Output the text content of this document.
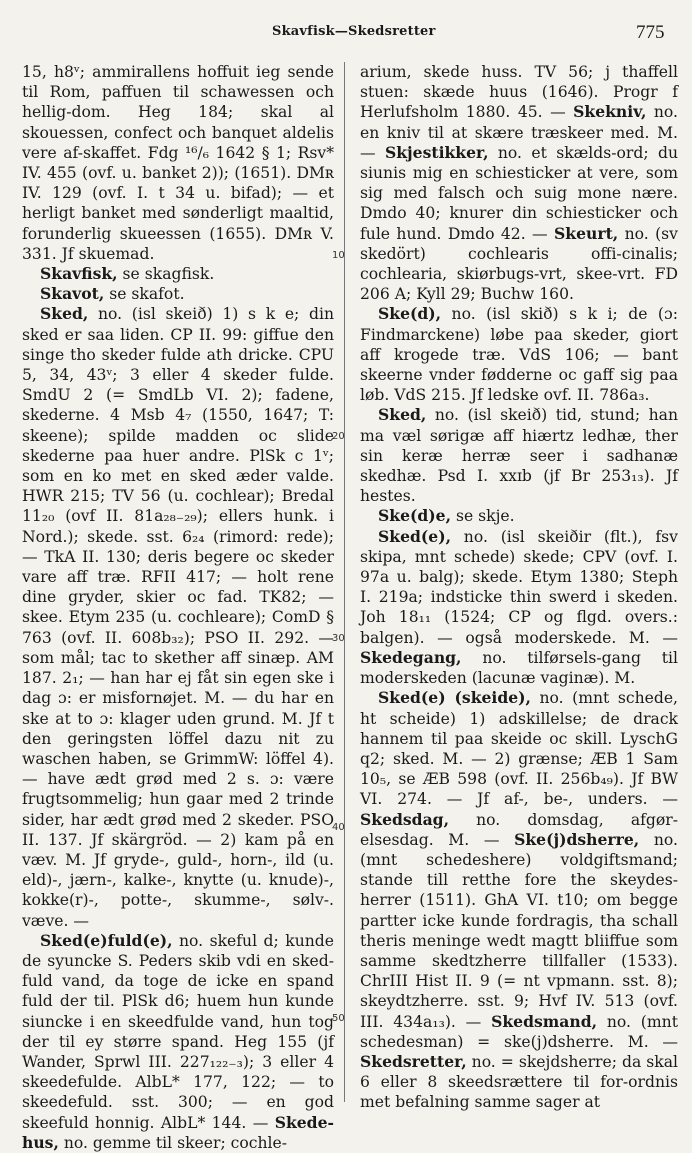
Skavfisk—Skedsretter	775

15, h8ᵛ; ammirallens hoffuit ieg sende til Rom, paffuen til schawessen och hellig-dom. Heg 184; skal al skouessen, confect och banquet aldelis vere af-skaffet. Fdg ¹⁶/₆ 1642 § 1; Rsv* IV. 455 (ovf. u. banket 2)); (1651). DMʀ IV. 129 (ovf. I. t 34 u. bifad); — et herligt banket med sønderligt maaltid, forunderlig skueessen (1655). DMʀ V. 331. Jf skuemad.

Skavfisk, se skagfisk.

Skavot, se skafot.

Sked, no. (isl skeið) 1) s k e; din sked er saa liden. CP II. 99: giffue den singe tho skeder fulde ath dricke. CPU 5, 34, 43ᵛ; 3 eller 4 skeder fulde. SmdU 2 (= SmdLb VI. 2); fadene, skederne. 4 Msb 4₇ (1550, 1647; T: skeene); spilde madden oc slide skederne paa huer andre. PlSk c 1ᵛ; som en ko met en sked æder valde. HWR 215; TV 56 (u. cochlear); Bredal 11₂₀ (ovf II. 81a₂₈₋₂₉); ellers hunk. i Nord.); skede. sst. 6₂₄ (rimord: rede); — TkA II. 130; deris begere oc skeder vare aff træ. RFII 417; — holt rene dine gryder, skier oc fad. TK82; — skee. Etym 235 (u. cochleare); ComD § 763 (ovf. II. 608b₃₂); PSO II. 292. — som mål; tac to skether aff sinæp. AM 187. 2₁; — han har ej fåt sin egen ske i dag ɔ: er misfornøjet. M. — du har en ske at to ɔ: klager uden grund. M. Jf t den geringsten löffel dazu nit zu waschen haben, se GrimmW: löffel 4). — have ædt grød med 2 s. ɔ: være frugtsommelig; hun gaar med 2 trinde sider, har ædt grød med 2 skeder. PSO II. 137. Jf skärgröd. — 2) kam på en væv. M. Jf gryde-, guld-, horn-, ild (u. eld)-, jærn-, kalke-, knytte (u. knude)-, kokke(r)-, potte-, skumme-, sølv-. væve. —

Sked(e)fuld(e), no. skeful d; kunde de syuncke S. Peders skib vdi en sked-fuld vand, da toge de icke en spand fuld der til. PlSk d6; huem hun kunde siuncke i en skeedfulde vand, hun tog der til ey større spand. Heg 155 (jf Wander, Sprwl III. 227₁₂₂₋₃); 3 eller 4 skeedefulde. AlbL* 177, 122; — to skeedefuld. sst. 300; — en god skeefuld honnig. AlbL* 144. — Skede-hus, no. gemme til skeer; cochle-

arium, skede huss. TV 56; j thaffell stuen: skæde huus (1646). Progr f Herlufsholm 1880. 45. — Skekniv, no. en kniv til at skære træskeer med. M. — Skjestikker, no. et skælds-ord; du siunis mig en schiesticker at vere, som sig med falsch och suig mone nære. Dmdo 40; knurer din schiesticker och fule hund. Dmdo 42. — Skeurt, no. (sv skedört) cochlearis offi-cinalis; cochlearia, skiørbugs-vrt, skee-vrt. FD 206 A; Kyll 29; Buchw 160.

Ske(d), no. (isl skið) s k i; de (ɔ: Findmarckene) løbe paa skeder, giort aff krogede træ. VdS 106; — bant skeerne vnder fødderne oc gaff sig paa løb. VdS 215. Jf ledske ovf. II. 786a₃.

Sked, no. (isl skeið) tid, stund; han ma væl sørigæ aff hiærtz ledhæ, ther sin keræ herræ seer i sadhanæ skedhæ. Psd I. xxɪb (jf Br 253₁₃). Jf hestes.

Ske(d)e, se skje.

Sked(e), no. (isl skeiðir (flt.), fsv skipa, mnt schede) skede; CPV (ovf. I. 97a u. balg); skede. Etym 1380; Steph I. 219a; indsticke thin swerd i skeden. Joh 18₁₁ (1524; CP og flgd. overs.: balgen). — også moderskede. M. — Skedegang, no. tilførsels-gang til moderskeden (lacunæ vaginæ). M.

Sked(e) (skeide), no. (mnt schede, ht scheide) 1) adskillelse; de drack hannem til paa skeide oc skill. LyschG q2; sked. M. — 2) grænse; ÆB 1 Sam 10₅, se ÆB 598 (ovf. II. 256b₄₉). Jf BW VI. 274. — Jf af-, be-, unders. — Skedsdag, no. domsdag, afgør-elsesdag. M. — Ske(j)dsherre, no. (mnt schedeshere) voldgiftsmand; stande till retthe fore the skeydes-herrer (1511). GhA VI. t10; om begge partter icke kunde fordragis, tha schall theris meninge wedt magtt bliiffue som samme skedtzherre tillfaller (1533). ChrIII Hist II. 9 (= nt vpmann. sst. 8); skeydtzherre. sst. 9; Hvf IV. 513 (ovf. III. 434a₁₃). — Skedsmand, no. (mnt schedesman) = ske(j)dsherre. M. — Skedsretter, no. = skejdsherre; da skal 6 eller 8 skeedsrættere til for-ordnis met befalning samme sager at

10
20
30
40
50
